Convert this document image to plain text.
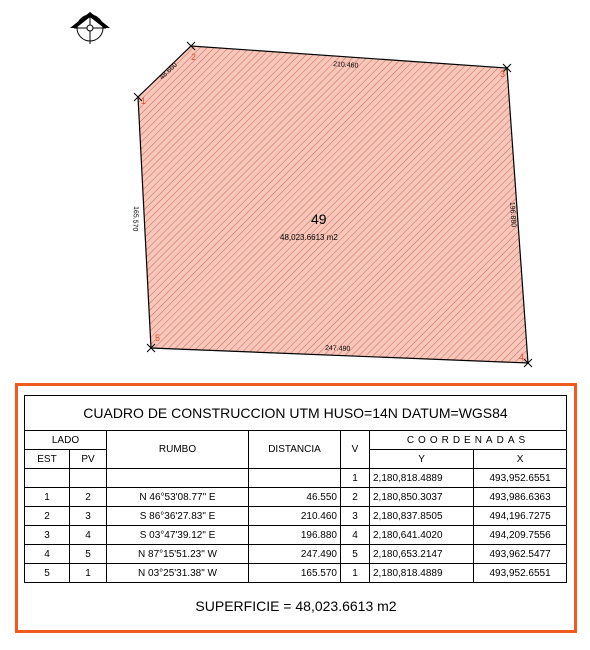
1
2
3
4
5
48.660	210.460
196.880
247.490
165.570	49
48,023.6613 m2
CUADRO DE CONSTRUCCION UTM HUSO=14N DATUM=WGS84
LADO		RUMBO	DISTANCIA	V	COORDENADAS	
EST	PV				Y	X
				1	2,180,818.4889	493,952.6551
1	2	N 46°53'08.77" E	46.550	2	2,180,850.3037	493,986.6363
2	3	S 86°36'27.83" E	210.460	3	2,180,837.8505	494,196.7275
3	4	S 03°47'39.12" E	196.880	4	2,180,641.4020	494,209.7556
4	5	N 87°15'51.23" W	247.490	5	2,180,653.2147	493,962.5477
5	1	N 03°25'31.38" W	165.570	1	2,180,818.4889	493,952.6551
SUPERFICIE = 48,023.6613 m2
